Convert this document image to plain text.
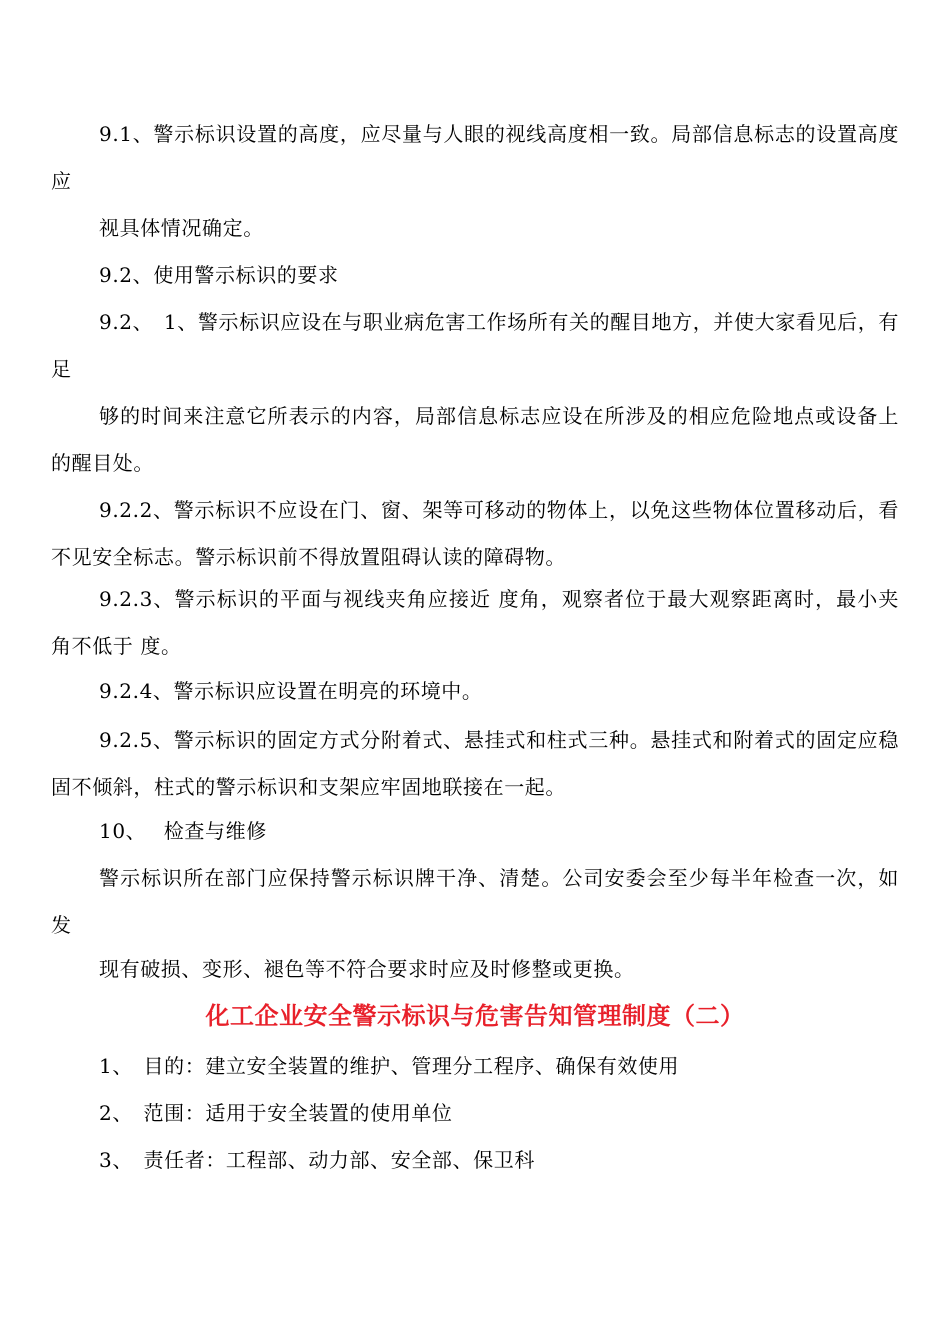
9.1、警示标识设置的高度，应尽量与人眼的视线高度相一致。局部信息标志的设置高度应

视具体情况确定。

9.2、使用警示标识的要求

9.2、　1、警示标识应设在与职业病危害工作场所有关的醒目地方，并使大家看见后，有足

够的时间来注意它所表示的内容，局部信息标志应设在所涉及的相应危险地点或设备上的醒目处。

9.2.2、警示标识不应设在门、窗、架等可移动的物体上，以免这些物体位置移动后，看不见安全标志。警示标识前不得放置阻碍认读的障碍物。

9.2.3、警示标识的平面与视线夹角应接近 度角，观察者位于最大观察距离时，最小夹角不低于 度。

9.2.4、警示标识应设置在明亮的环境中。

9.2.5、警示标识的固定方式分附着式、悬挂式和柱式三种。悬挂式和附着式的固定应稳固不倾斜，柱式的警示标识和支架应牢固地联接在一起。

10、　 检查与维修

警示标识所在部门应保持警示标识牌干净、清楚。公司安委会至少每半年检查一次，如发

现有破损、变形、褪色等不符合要求时应及时修整或更换。

化工企业安全警示标识与危害告知管理制度（二）

1、　目的：建立安全装置的维护、管理分工程序、确保有效使用

2、　范围：适用于安全装置的使用单位

3、　责任者：工程部、动力部、安全部、保卫科
